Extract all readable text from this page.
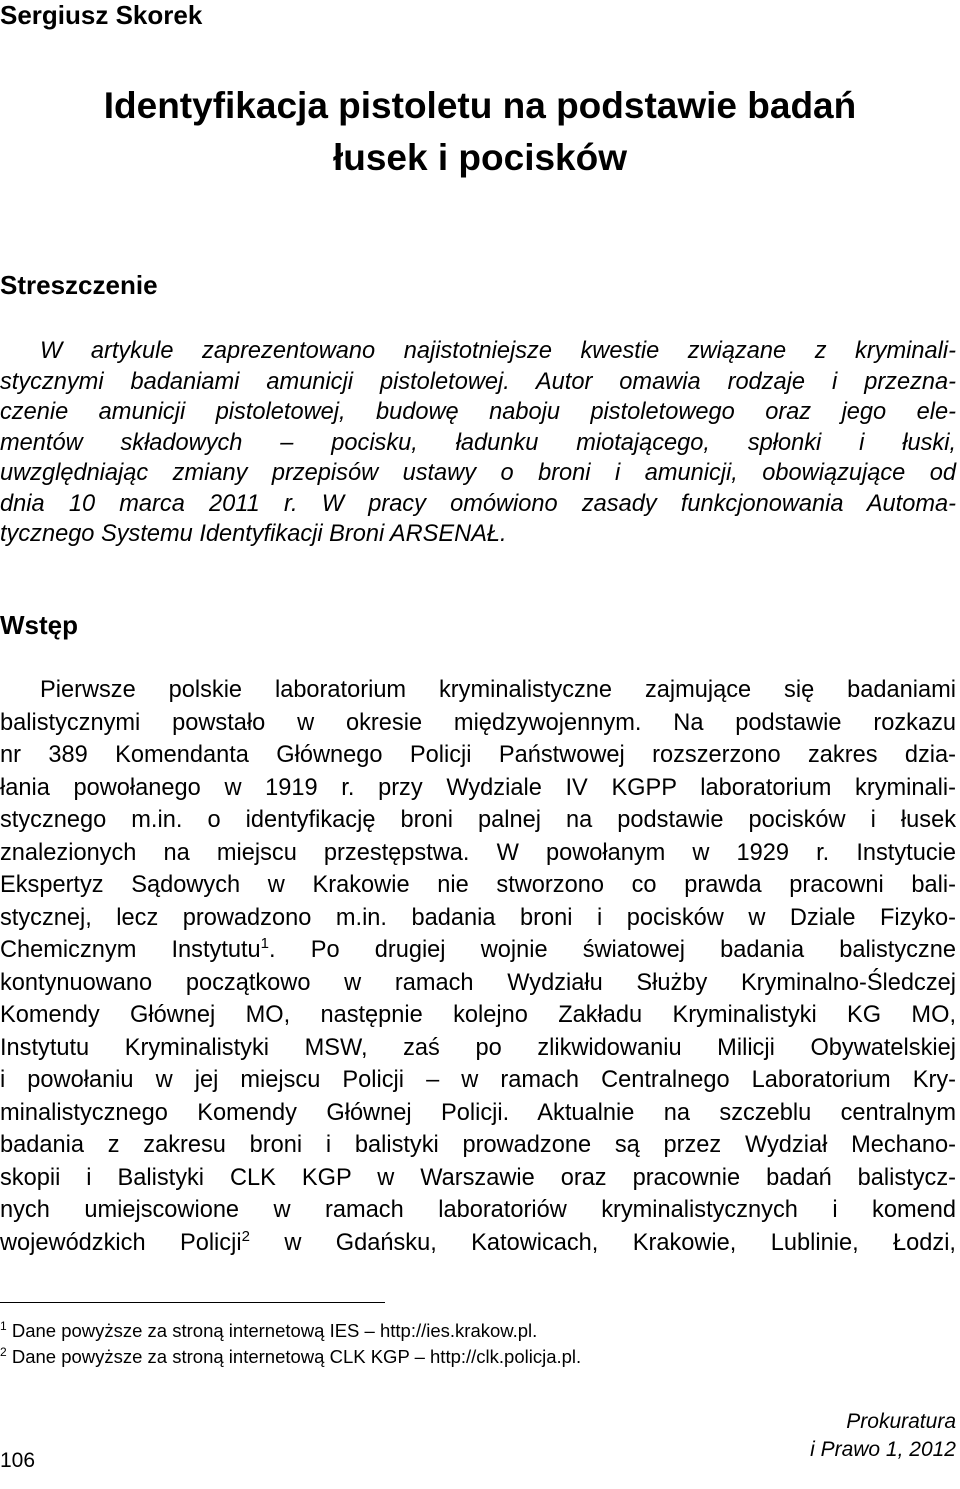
Sergiusz Skorek
Identyfikacja pistoletu na podstawie badań
łusek i pocisków
Streszczenie
W artykule zaprezentowano najistotniejsze kwestie związane z kryminali-
stycznymi badaniami amunicji pistoletowej. Autor omawia rodzaje i przezna-
czenie amunicji pistoletowej, budowę naboju pistoletowego oraz jego ele-
mentów składowych – pocisku, ładunku miotającego, spłonki i łuski,
uwzględniając zmiany przepisów ustawy o broni i amunicji, obowiązujące od
dnia 10 marca 2011 r. W pracy omówiono zasady funkcjonowania Automa-
tycznego Systemu Identyfikacji Broni ARSENAŁ.
Wstęp
Pierwsze polskie laboratorium kryminalistyczne zajmujące się badaniami
balistycznymi powstało w okresie międzywojennym. Na podstawie rozkazu
nr 389 Komendanta Głównego Policji Państwowej rozszerzono zakres dzia-
łania powołanego w 1919 r. przy Wydziale IV KGPP laboratorium kryminali-
stycznego m.in. o identyfikację broni palnej na podstawie pocisków i łusek
znalezionych na miejscu przestępstwa. W powołanym w 1929 r. Instytucie
Ekspertyz Sądowych w Krakowie nie stworzono co prawda pracowni bali-
stycznej, lecz prowadzono m.in. badania broni i pocisków w Dziale Fizyko-
Chemicznym Instytutu$^1$. Po drugiej wojnie światowej badania balistyczne
kontynuowano początkowo w ramach Wydziału Służby Kryminalno-Śledczej
Komendy Głównej MO, następnie kolejno Zakładu Kryminalistyki KG MO,
Instytutu Kryminalistyki MSW, zaś po zlikwidowaniu Milicji Obywatelskiej
i powołaniu w jej miejscu Policji – w ramach Centralnego Laboratorium Kry-
minalistycznego Komendy Głównej Policji. Aktualnie na szczeblu centralnym
badania z zakresu broni i balistyki prowadzone są przez Wydział Mechano-
skopii i Balistyki CLK KGP w Warszawie oraz pracownie badań balistycz-
nych umiejscowione w ramach laboratoriów kryminalistycznych i komend
wojewódzkich Policji$^2$ w Gdańsku, Katowicach, Krakowie, Lublinie, Łodzi,
$^1$ Dane powyższe za stroną internetową IES – http://ies.krakow.pl.
$^2$ Dane powyższe za stroną internetową CLK KGP – http://clk.policja.pl.
106
Prokuratura
i Prawo 1, 2012
